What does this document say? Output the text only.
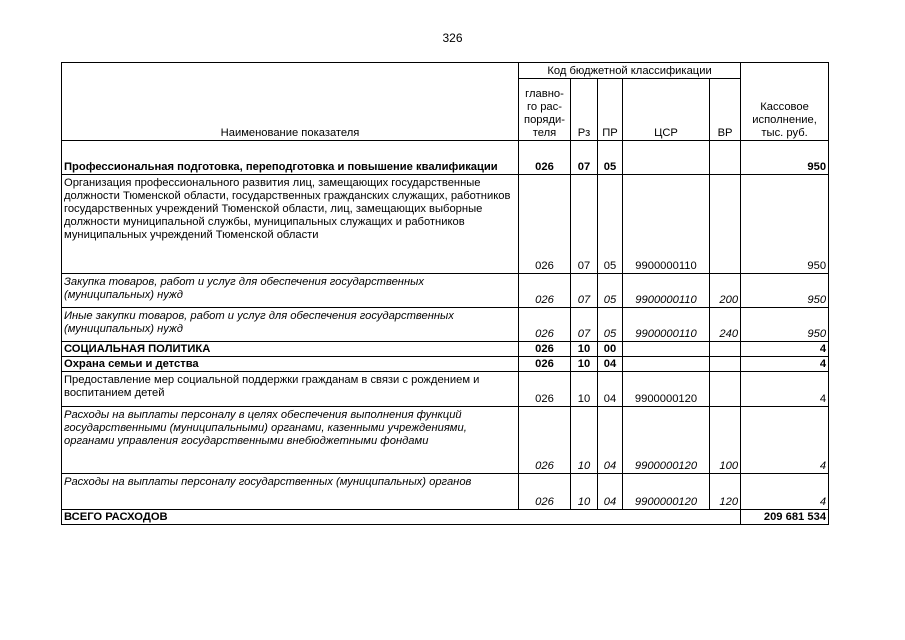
326
Наименование показателя	Код бюджетной классификации					Кассовое исполнение, тыс. руб.
	главно-го рас-поряди-теля	Рз	ПР	ЦСР	ВР	
Профессиональная подготовка, переподготовка и повышение квалификации	026	07	05			950

Организация профессионального развития лиц, замещающих государственные должности Тюменской области, государственных гражданских служащих, работников государственных учреждений Тюменской области, лиц, замещающих выборные должности муниципальной службы, муниципальных служащих и работников муниципальных учреждений Тюменской области	026	07	05	9900000110		950

Закупка товаров, работ и услуг для обеспечения государственных (муниципальных) нужд	026	07	05	9900000110	200	950

Иные закупки товаров, работ и услуг для обеспечения государственных (муниципальных) нужд	026	07	05	9900000110	240	950
СОЦИАЛЬНАЯ ПОЛИТИКА	026	10	00			4
Охрана семьи и детства	026	10	04			4

Предоставление мер социальной поддержки гражданам в связи с рождением и воспитанием детей	026	10	04	9900000120		4

Расходы на выплаты персоналу в целях обеспечения выполнения функций государственными (муниципальными) органами, казенными учреждениями, органами управления государственными внебюджетными фондами	026	10	04	9900000120	100	4

Расходы на выплаты персоналу государственных (муниципальных) органов	026	10	04	9900000120	120	4
ВСЕГО РАСХОДОВ						209 681 534
